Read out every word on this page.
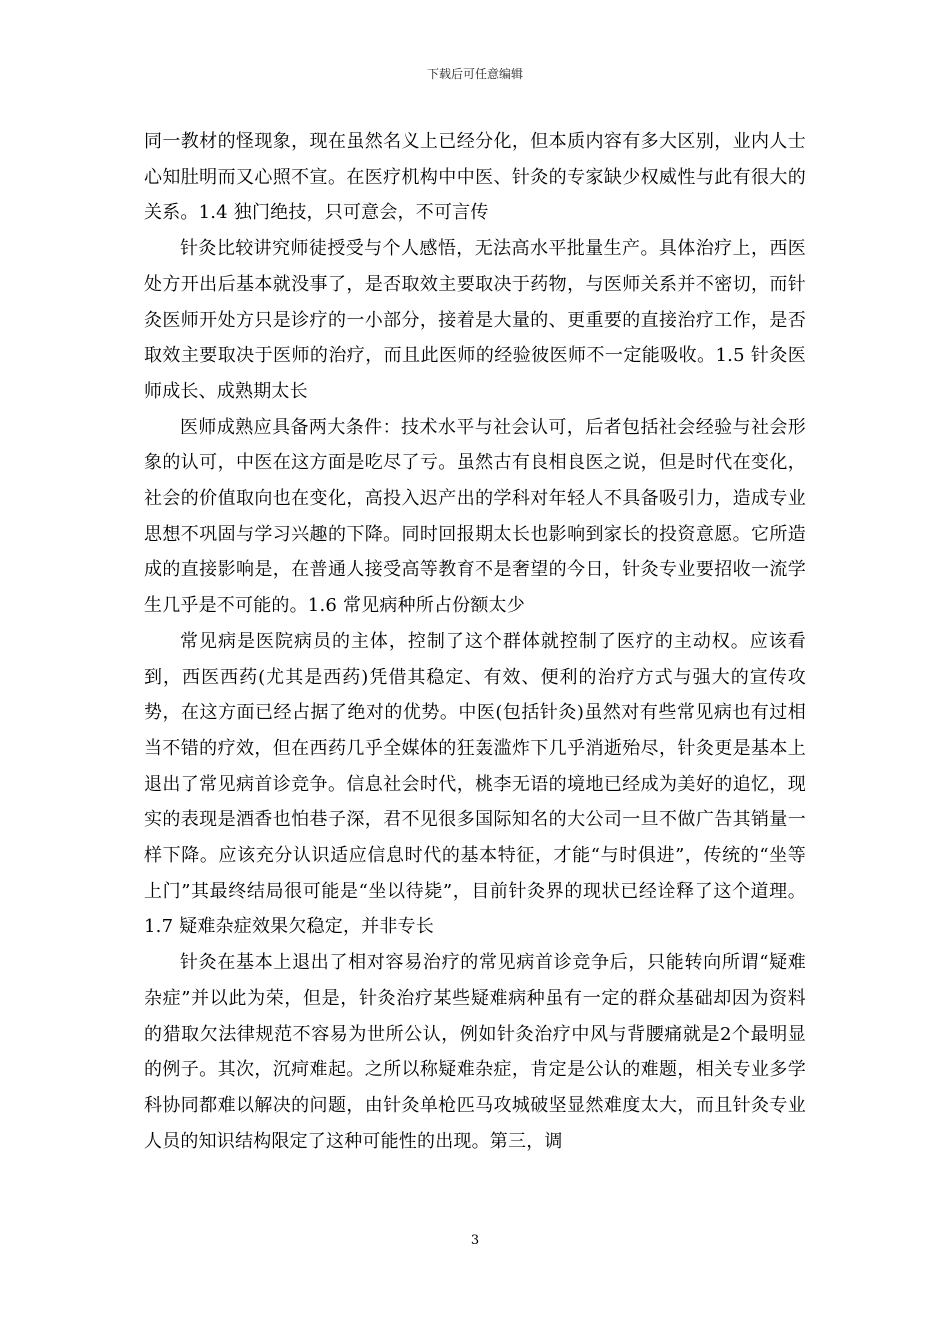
下载后可任意编辑

同一教材的怪现象，现在虽然名义上已经分化，但本质内容有多大区别，业内人士心知肚明而又心照不宣。在医疗机构中中医、针灸的专家缺少权威性与此有很大的关系。1.4 独门绝技，只可意会，不可言传

针灸比较讲究师徒授受与个人感悟，无法高水平批量生产。具体治疗上，西医处方开出后基本就没事了，是否取效主要取决于药物，与医师关系并不密切，而针灸医师开处方只是诊疗的一小部分，接着是大量的、更重要的直接治疗工作，是否取效主要取决于医师的治疗，而且此医师的经验彼医师不一定能吸收。1.5 针灸医师成长、成熟期太长

医师成熟应具备两大条件：技术水平与社会认可，后者包括社会经验与社会形象的认可，中医在这方面是吃尽了亏。虽然古有良相良医之说，但是时代在变化，社会的价值取向也在变化，高投入迟产出的学科对年轻人不具备吸引力，造成专业思想不巩固与学习兴趣的下降。同时回报期太长也影响到家长的投资意愿。它所造成的直接影响是，在普通人接受高等教育不是奢望的今日，针灸专业要招收一流学生几乎是不可能的。1.6 常见病种所占份额太少

常见病是医院病员的主体，控制了这个群体就控制了医疗的主动权。应该看到，西医西药(尤其是西药)凭借其稳定、有效、便利的治疗方式与强大的宣传攻势，在这方面已经占据了绝对的优势。中医(包括针灸)虽然对有些常见病也有过相当不错的疗效，但在西药几乎全媒体的狂轰滥炸下几乎消逝殆尽，针灸更是基本上退出了常见病首诊竞争。信息社会时代，桃李无语的境地已经成为美好的追忆，现实的表现是酒香也怕巷子深，君不见很多国际知名的大公司一旦不做广告其销量一样下降。应该充分认识适应信息时代的基本特征，才能“与时俱进”，传统的“坐等上门”其最终结局很可能是“坐以待毙”，目前针灸界的现状已经诠释了这个道理。1.7 疑难杂症效果欠稳定，并非专长

针灸在基本上退出了相对容易治疗的常见病首诊竞争后，只能转向所谓“疑难杂症”并以此为荣，但是，针灸治疗某些疑难病种虽有一定的群众基础却因为资料的猎取欠法律规范不容易为世所公认，例如针灸治疗中风与背腰痛就是2个最明显的例子。其次，沉疴难起。之所以称疑难杂症，肯定是公认的难题，相关专业多学科协同都难以解决的问题，由针灸单枪匹马攻城破坚显然难度太大，而且针灸专业人员的知识结构限定了这种可能性的出现。第三，调

3
